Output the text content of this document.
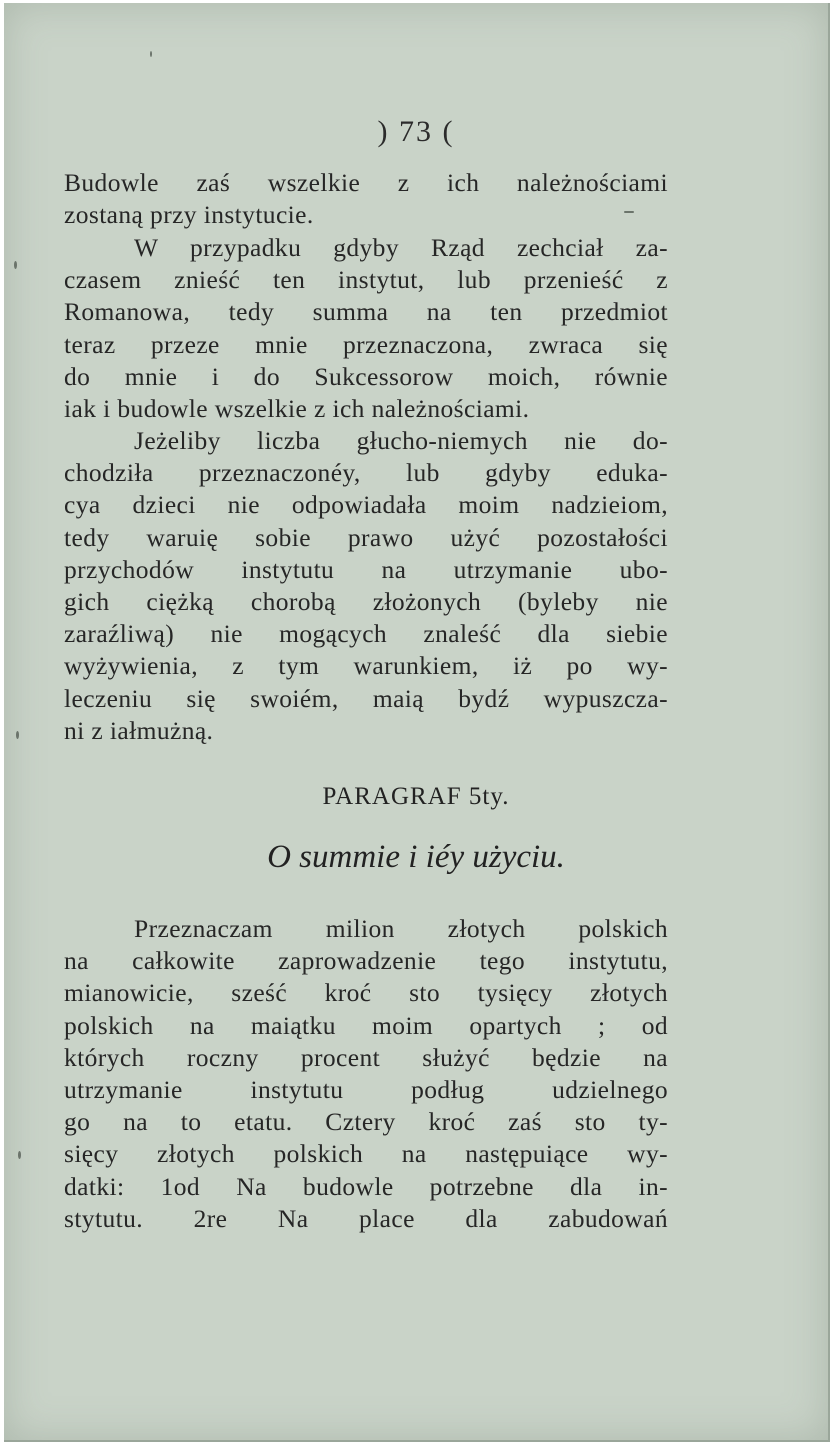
) 73 (
Budowle zaś wszelkie z ich należnościami
zostaną przy instytucie.
W przypadku gdyby Rząd zechciał za-
czasem znieść ten instytut, lub przenieść z
Romanowa, tedy summa na ten przedmiot
teraz przeze mnie przeznaczona, zwraca się
do mnie i do Sukcessorow moich, równie
iak i budowle wszelkie z ich należnościami.
Jeżeliby liczba głucho-niemych nie do-
chodziła przeznaczonéy, lub gdyby eduka-
cya dzieci nie odpowiadała moim nadzieiom,
tedy waruię sobie prawo użyć pozostałości
przychodów instytutu na utrzymanie ubo-
gich ciężką chorobą złożonych (byleby nie
zaraźliwą) nie mogących znaleść dla siebie
wyżywienia, z tym warunkiem, iż po wy-
leczeniu się swoiém, maią bydź wypuszcza-
ni z iałmużną.
PARAGRAF 5ty.
O summie i iéy użyciu.
Przeznaczam milion złotych polskich
na całkowite zaprowadzenie tego instytutu,
mianowicie, sześć kroć sto tysięcy złotych
polskich na maiątku moim opartych ; od
których roczny procent służyć będzie na
utrzymanie instytutu podług udzielnego
go na to etatu. Cztery kroć zaś sto ty-
sięcy złotych polskich na następuiące wy-
datki: 1od Na budowle potrzebne dla in-
stytutu. 2re Na place dla zabudowań
